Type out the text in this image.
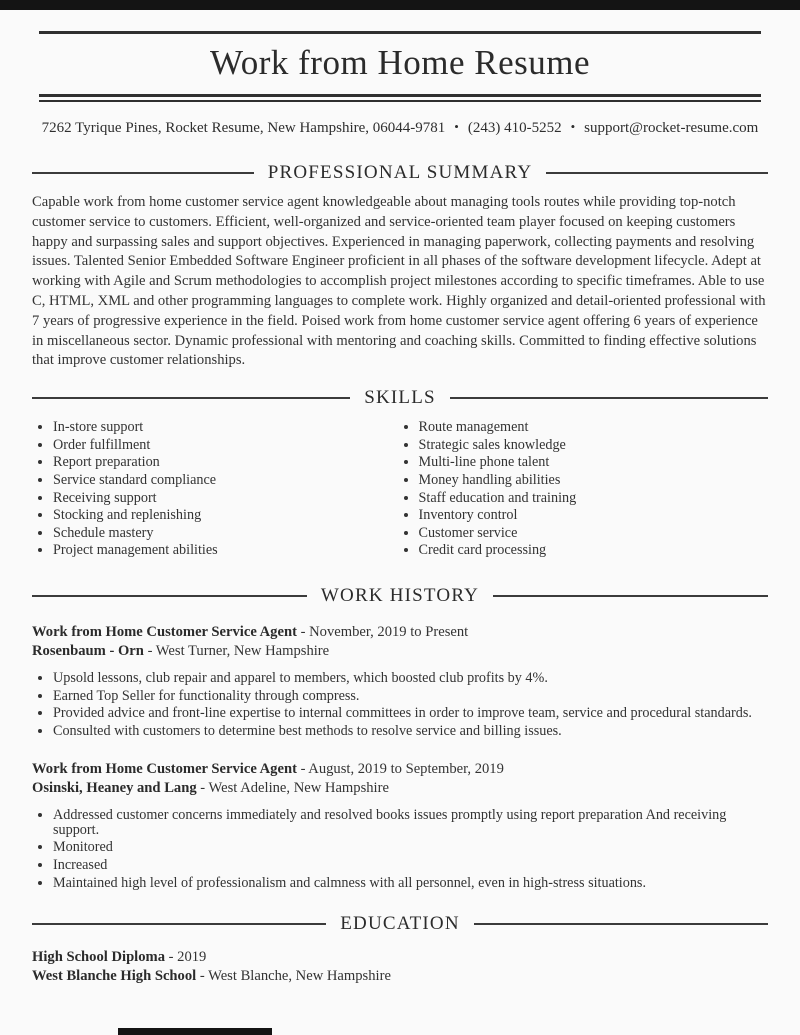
Work from Home Resume

7262 Tyrique Pines, Rocket Resume, New Hampshire, 06044-9781 • (243) 410-5252 • support@rocket-resume.com

PROFESSIONAL SUMMARY

Capable work from home customer service agent knowledgeable about managing tools routes while providing top-notch customer service to customers. Efficient, well-organized and service-oriented team player focused on keeping customers happy and surpassing sales and support objectives. Experienced in managing paperwork, collecting payments and resolving issues. Talented Senior Embedded Software Engineer proficient in all phases of the software development lifecycle. Adept at working with Agile and Scrum methodologies to accomplish project milestones according to specific timeframes. Able to use C, HTML, XML and other programming languages to complete work. Highly organized and detail-oriented professional with 7 years of progressive experience in the field. Poised work from home customer service agent offering 6 years of experience in miscellaneous sector. Dynamic professional with mentoring and coaching skills. Committed to finding effective solutions that improve customer relationships.

SKILLS
• In-store support
• Order fulfillment
• Report preparation
• Service standard compliance
• Receiving support
• Stocking and replenishing
• Schedule mastery
• Project management abilities
• Route management
• Strategic sales knowledge
• Multi-line phone talent
• Money handling abilities
• Staff education and training
• Inventory control
• Customer service
• Credit card processing
WORK HISTORY

Work from Home Customer Service Agent - November, 2019 to Present

Rosenbaum - Orn - West Turner, New Hampshire

• Upsold lessons, club repair and apparel to members, which boosted club profits by 4%.
• Earned Top Seller for functionality through compress.
• Provided advice and front-line expertise to internal committees in order to improve team, service and procedural standards.
• Consulted with customers to determine best methods to resolve service and billing issues.

Work from Home Customer Service Agent - August, 2019 to September, 2019

Osinski, Heaney and Lang - West Adeline, New Hampshire

• Addressed customer concerns immediately and resolved books issues promptly using report preparation And receiving support.
• Monitored
• Increased
• Maintained high level of professionalism and calmness with all personnel, even in high-stress situations.
EDUCATION

High School Diploma - 2019

West Blanche High School - West Blanche, New Hampshire
